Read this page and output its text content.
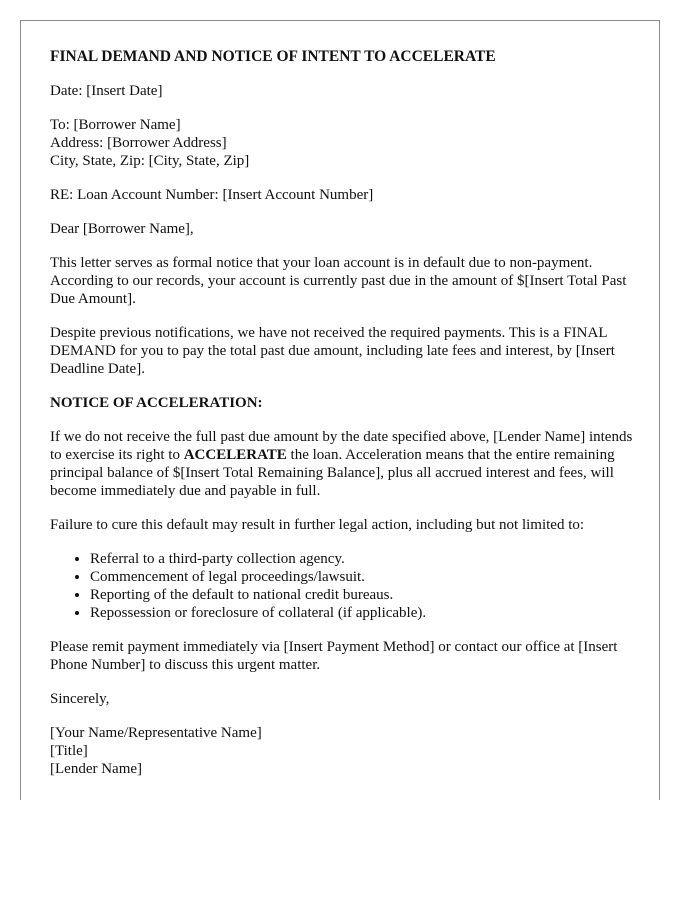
FINAL DEMAND AND NOTICE OF INTENT TO ACCELERATE

Date: [Insert Date]

To: [Borrower Name]
Address: [Borrower Address]
City, State, Zip: [City, State, Zip]

RE: Loan Account Number: [Insert Account Number]

Dear [Borrower Name],

This letter serves as formal notice that your loan account is in default due to non-payment. According to our records, your account is currently past due in the amount of $[Insert Total Past Due Amount].

Despite previous notifications, we have not received the required payments. This is a FINAL DEMAND for you to pay the total past due amount, including late fees and interest, by [Insert Deadline Date].

NOTICE OF ACCELERATION:

If we do not receive the full past due amount by the date specified above, [Lender Name] intends to exercise its right to ACCELERATE the loan. Acceleration means that the entire remaining principal balance of $[Insert Total Remaining Balance], plus all accrued interest and fees, will become immediately due and payable in full.

Failure to cure this default may result in further legal action, including but not limited to:

• Referral to a third-party collection agency.
• Commencement of legal proceedings/lawsuit.
• Reporting of the default to national credit bureaus.
• Repossession or foreclosure of collateral (if applicable).

Please remit payment immediately via [Insert Payment Method] or contact our office at [Insert Phone Number] to discuss this urgent matter.

Sincerely,

[Your Name/Representative Name]
[Title]
[Lender Name]
